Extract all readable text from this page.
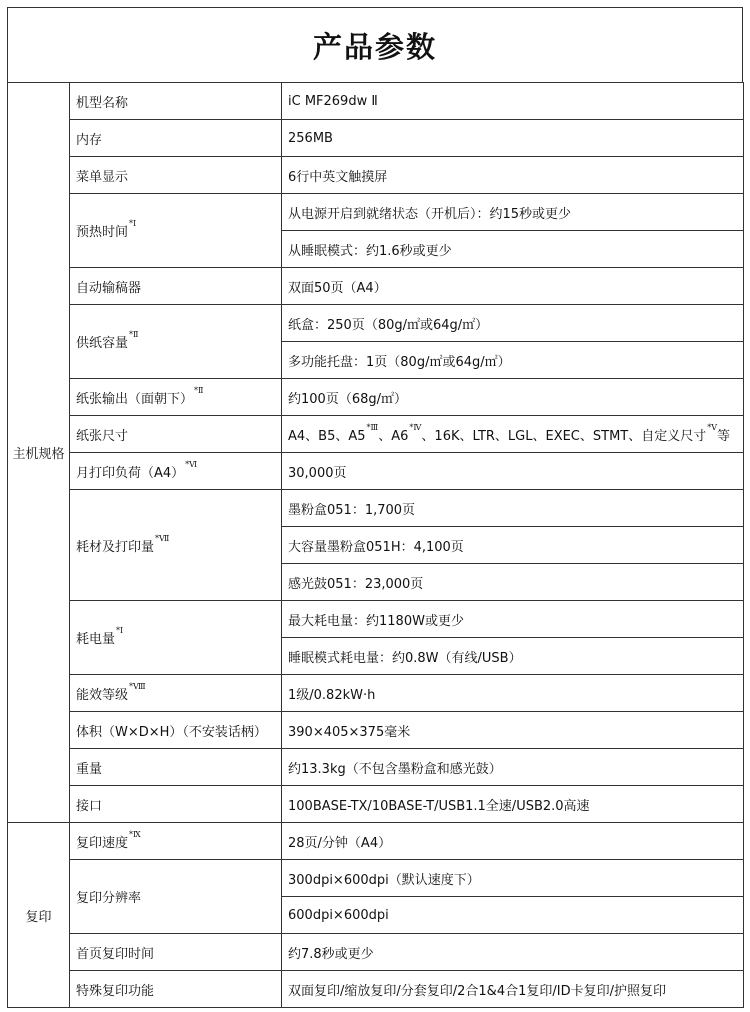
产品参数
主机规格	机型名称	iC MF269dw Ⅱ
	内存	256MB
	菜单显示	6行中英文触摸屏
	预热时间$^{*Ⅰ}$	从电源开启到就绪状态（开机后）：约15秒或更少
		从睡眠模式：约1.6秒或更少
	自动输稿器	双面50页（A4）
	供纸容量$^{*Ⅱ}$	纸盒：250页（80g/㎡或64g/㎡）
		多功能托盘：1页（80g/㎡或64g/㎡）
	纸张输出（面朝下）$^{*Ⅱ}$	约100页（68g/㎡）
	纸张尺寸	A4、B5、$A5^{*Ⅲ}$、$A6^{*Ⅳ}$、16K、LTR、LGL、EXEC、STMT、自定义尺寸$^{*Ⅴ}$等
	月打印负荷$(A4)^{*Ⅵ}$	30,000页
	耗材及打印量$^{*Ⅶ}$	墨粉盒051：1,700页
		大容量墨粉盒051H：4,100页
		感光鼓051：23,000页
	耗电量$^{*Ⅰ}$	最大耗电量：约1180W或更少
		睡眠模式耗电量：约0.8W（有线/USB）
	能效等级$^{*Ⅷ}$	1级/0.82kW·h
	体积（W×D×H）（不安装话柄）	390×405×375毫米
	重量	约13.3kg（不包含墨粉盒和感光鼓）
	接口	100BASE-TX/10BASE-T/USB1.1全速/USB2.0高速
复印	复印速度$^{*Ⅸ}$	28页/分钟（A4）
	复印分辨率	300dpi×600dpi（默认速度下）
		600dpi×600dpi
	首页复印时间	约7.8秒或更少
	特殊复印功能	双面复印/缩放复印/分套复印/2合1&4合1复印/ID卡复印/护照复印
